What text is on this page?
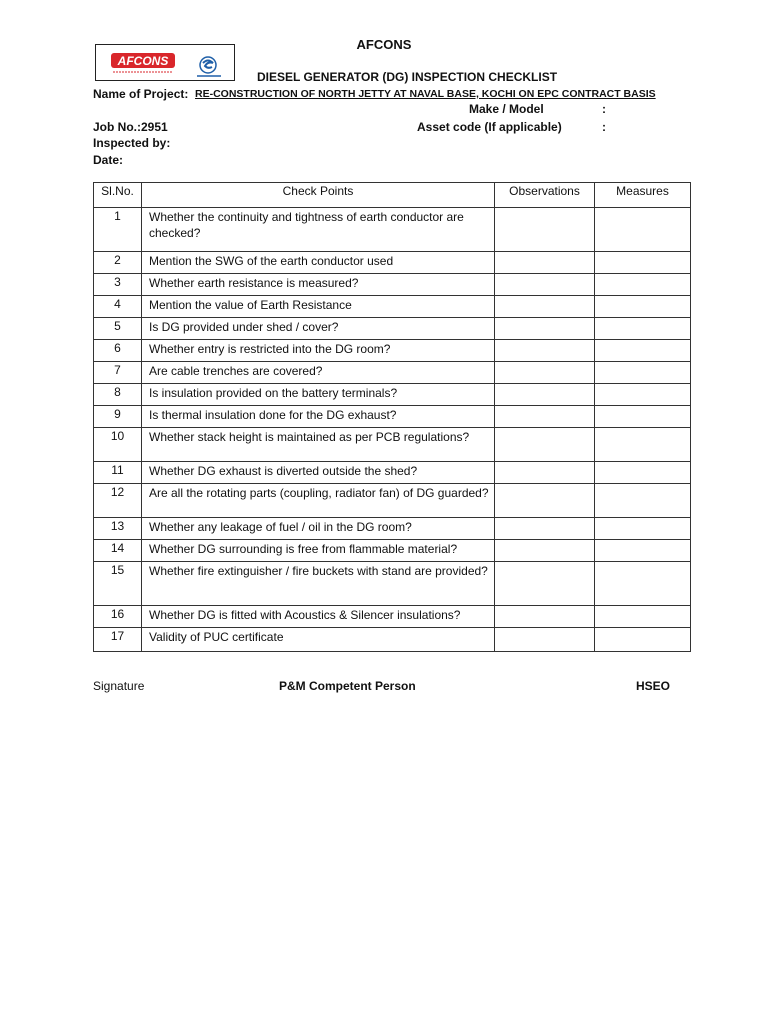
AFCONS
AFCONS
DIESEL GENERATOR (DG) INSPECTION CHECKLIST
Name of Project: RE-CONSTRUCTION OF NORTH JETTY AT NAVAL BASE, KOCHI ON EPC CONTRACT BASIS
Make / Model	:
Job No.:2951	Asset code (If applicable)	:
Inspected by:
Date:
Sl.No.	Check Points	Observations	Measures
1	Whether the continuity and tightness of earth conductor are checked?		
2	Mention the SWG of the earth conductor used		
3	Whether earth resistance is measured?		
4	Mention the value of Earth Resistance		
5	Is DG provided under shed / cover?		
6	Whether entry is restricted into the DG room?		
7	Are cable trenches are covered?		
8	Is insulation provided on the battery terminals?		
9	Is thermal insulation done for the DG exhaust?		
10	Whether stack height is maintained as per PCB regulations?		
11	Whether DG exhaust is diverted outside the shed?		
12	Are all the rotating parts (coupling, radiator fan) of DG guarded?		
13	Whether any leakage of fuel / oil in the DG room?		
14	Whether DG surrounding is free from flammable material?		
15	Whether fire extinguisher / fire buckets with stand are provided?		
16	Whether DG is fitted with Acoustics & Silencer insulations?		
17	Validity of PUC certificate		
Signature	P&M Competent Person	HSEO
